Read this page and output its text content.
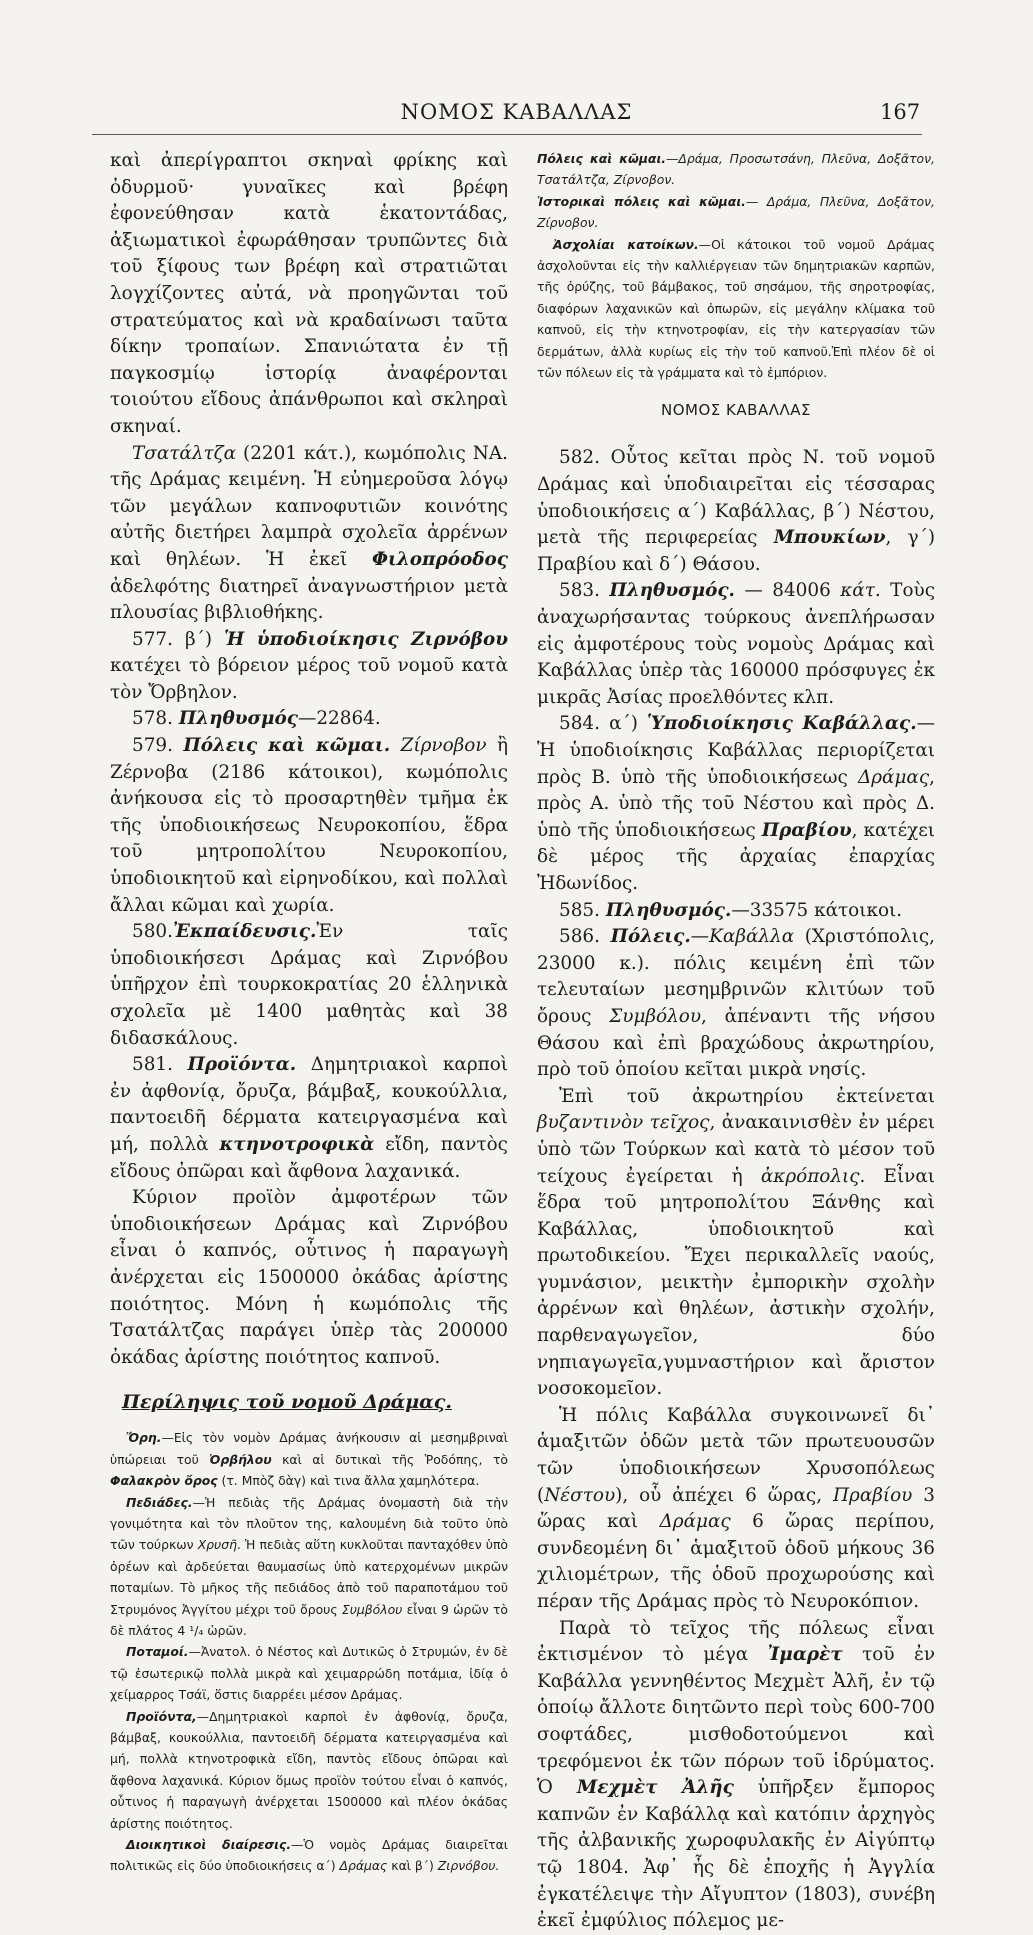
ΝΟΜΟΣ ΚΑΒΑΛΛΑΣ	167

καὶ ἀπερίγραπτοι σκηναὶ φρίκης καὶ ὀδυρμοῦ· γυναῖκες καὶ βρέφη ἐφονεύθησαν κατὰ ἑκατοντάδας, ἀξιωματικοὶ ἐφωράθησαν τρυπῶντες διὰ τοῦ ξίφους των βρέφη καὶ στρατιῶται λογχίζοντες αὐτά, νὰ προηγῶνται τοῦ στρατεύματος καὶ νὰ κραδαίνωσι ταῦτα δίκην τροπαίων. Σπανιώτατα ἐν τῇ παγκοσμίῳ ἱστορίᾳ ἀναφέρονται τοιούτου εἴδους ἀπάνθρωποι καὶ σκληραὶ σκηναί.

Τσατάλτζα (2201 κάτ.), κωμόπολις ΝΑ. τῆς Δράμας κειμένη. Ἡ εὐημεροῦσα λόγῳ τῶν μεγάλων καπνοφυτιῶν κοινότης αὐτῆς διετήρει λαμπρὰ σχολεῖα ἀρρένων καὶ θηλέων. Ἡ ἐκεῖ Φιλοπρόοδος ἀδελφότης διατηρεῖ ἀναγνωστήριον μετὰ πλουσίας βιβλιοθήκης.

577. β΄) Ἡ ὑποδιοίκησις Ζιρνόβου κατέχει τὸ βόρειον μέρος τοῦ νομοῦ κατὰ τὸν Ὄρβηλον.

578. Πληθυσμός—22864.

579. Πόλεις καὶ κῶμαι. Ζίρνοβον ἢ Ζέρνοβα (2186 κάτοικοι), κωμόπολις ἀνήκουσα εἰς τὸ προσαρτηθὲν τμῆμα ἐκ τῆς ὑποδιοικήσεως Νευροκοπίου, ἕδρα τοῦ μητροπολίτου Νευροκοπίου, ὑποδιοικητοῦ καὶ εἰρηνοδίκου, καὶ πολλαὶ ἄλλαι κῶμαι καὶ χωρία.

580.Ἐκπαίδευσις.Ἐν ταῖς ὑποδιοικήσεσι Δράμας καὶ Ζιρνόβου ὑπῆρχον ἐπὶ τουρκοκρατίας 20 ἑλληνικὰ σχολεῖα μὲ 1400 μαθητὰς καὶ 38 διδασκάλους.

581. Προϊόντα. Δημητριακοὶ καρποὶ ἐν ἀφθονίᾳ, ὄρυζα, βάμβαξ, κουκούλλια, παντοειδῆ δέρματα κατειργασμένα καὶ μή, πολλὰ κτηνοτροφικὰ εἴδη, παντὸς εἴδους ὀπῶραι καὶ ἄφθονα λαχανικά.

Κύριον προϊὸν ἀμφοτέρων τῶν ὑποδιοικήσεων Δράμας καὶ Ζιρνόβου εἶναι ὁ καπνός, οὗτινος ἡ παραγωγὴ ἀνέρχεται εἰς 1500000 ὀκάδας ἀρίστης ποιότητος. Μόνη ἡ κωμόπολις τῆς Τσατάλτζας παράγει ὑπὲρ τὰς 200000 ὀκάδας ἀρίστης ποιότητος καπνοῦ.

Περίληψις τοῦ νομοῦ Δράμας.

Ὄρη.—Εἰς τὸν νομὸν Δράμας ἀνήκουσιν αἱ μεσημβριναὶ ὑπώρειαι τοῦ Ὀρβήλου καὶ αἱ δυτικαὶ τῆς Ῥοδόπης, τὸ Φαλακρὸν ὄρος (τ. Μπὸζ δὰγ) καὶ τινα ἄλλα χαμηλότερα.

Πεδιάδες.—Ἡ πεδιὰς τῆς Δράμας ὀνομαστὴ διὰ τὴν γονιμότητα καὶ τὸν πλοῦτον της, καλουμένη διὰ τοῦτο ὑπὸ τῶν τούρκων Χρυσῆ. Ἡ πεδιὰς αὕτη κυκλοῦται πανταχόθεν ὑπὸ ὀρέων καὶ ἀρδεύεται θαυμασίως ὑπὸ κατερχομένων μικρῶν ποταμίων. Τὸ μῆκος τῆς πεδιάδος ἀπὸ τοῦ παραποτάμου τοῦ Στρυμόνος Ἀγγίτου μέχρι τοῦ ὄρους Συμβόλου εἶναι 9 ὡρῶν τὸ δὲ πλάτος 4 ¹/₄ ὡρῶν.

Ποταμοί.—Ἀνατολ. ὁ Νέστος καὶ Δυτικῶς ὁ Στρυμών, ἐν δὲ τῷ ἐσωτερικῷ πολλὰ μικρὰ καὶ χειμαρρώδη ποτάμια, ἰδίᾳ ὁ χείμαρρος Τσάϊ, ὅστις διαρρέει μέσον Δράμας.

Προϊόντα,—Δημητριακοὶ καρποὶ ἐν ἀφθονίᾳ, ὄρυζα, βάμβαξ, κουκούλλια, παντοειδῆ δέρματα κατειργασμένα καὶ μή, πολλὰ κτηνοτροφικὰ εἴδη, παντὸς εἴδους ὀπῶραι καὶ ἄφθονα λαχανικά. Κύριον ὅμως προϊὸν τούτου εἶναι ὁ καπνός, οὗτινος ἡ παραγωγὴ ἀνέρχεται 1500000 καὶ πλέον ὀκάδας ἀρίστης ποιότητος.

Διοικητικοὶ διαίρεσις.—Ὁ νομὸς Δράμας διαιρεῖται πολιτικῶς εἰς δύο ὑποδιοικήσεις α΄) Δράμας καὶ β΄) Ζιρνόβου.

Πόλεις καὶ κῶμαι.—Δράμα, Προσωτσάνη, Πλεῦνα, Δοξᾶτον, Τσατάλτζα, Ζίρνοβον.

Ἱστορικαὶ πόλεις καὶ κῶμαι.— Δράμα, Πλεῦνα, Δοξᾶτον, Ζίρνοβον.

Ἀσχολίαι κατοίκων.—Οἱ κάτοικοι τοῦ νομοῦ Δράμας ἀσχολοῦνται εἰς τὴν καλλιέργειαν τῶν δημητριακῶν καρπῶν, τῆς ὀρύζης, τοῦ βάμβακος, τοῦ σησάμου, τῆς σηροτροφίας, διαφόρων λαχανικῶν καὶ ὀπωρῶν, εἰς μεγάλην κλίμακα τοῦ καπνοῦ, εἰς τὴν κτηνοτροφίαν, εἰς τὴν κατεργασίαν τῶν δερμάτων, ἀλλὰ κυρίως εἰς τὴν τοῦ καπνοῦ.Ἐπὶ πλέον δὲ οἱ τῶν πόλεων εἰς τὰ γράμματα καὶ τὸ ἐμπόριον.

ΝΟΜΟΣ ΚΑΒΑΛΛΑΣ

582. Οὗτος κεῖται πρὸς Ν. τοῦ νομοῦ Δράμας καὶ ὑποδιαιρεῖται εἰς τέσσαρας ὑποδιοικήσεις α΄) Καβάλλας, β΄) Νέστου, μετὰ τῆς περιφερείας Μπουκίων, γ΄) Πραβίου καὶ δ΄) Θάσου.

583. Πληθυσμός. — 84006 κάτ. Τοὺς ἀναχωρήσαντας τούρκους ἀνεπλήρωσαν εἰς ἀμφοτέρους τοὺς νομοὺς Δράμας καὶ Καβάλλας ὑπὲρ τὰς 160000 πρόσφυγες ἐκ μικρᾶς Ἀσίας προελθόντες κλπ.

584. α΄) Ὑποδιοίκησις Καβάλλας.—Ἡ ὑποδιοίκησις Καβάλλας περιορίζεται πρὸς Β. ὑπὸ τῆς ὑποδιοικήσεως Δράμας, πρὸς Α. ὑπὸ τῆς τοῦ Νέστου καὶ πρὸς Δ. ὑπὸ τῆς ὑποδιοικήσεως Πραβίου, κατέχει δὲ μέρος τῆς ἀρχαίας ἐπαρχίας Ἠδωνίδος.

585. Πληθυσμός.—33575 κάτοικοι.

586. Πόλεις.—Καβάλλα (Χριστόπολις, 23000 κ.). πόλις κειμένη ἐπὶ τῶν τελευταίων μεσημβρινῶν κλιτύων τοῦ ὄρους Συμβόλου, ἀπέναντι τῆς νήσου Θάσου καὶ ἐπὶ βραχώδους ἀκρωτηρίου, πρὸ τοῦ ὁποίου κεῖται μικρὰ νησίς.

Ἐπὶ τοῦ ἀκρωτηρίου ἐκτείνεται βυζαντινὸν τεῖχος, ἀνακαινισθὲν ἐν μέρει ὑπὸ τῶν Τούρκων καὶ κατὰ τὸ μέσον τοῦ τείχους ἐγείρεται ἡ ἀκρόπολις. Εἶναι ἕδρα τοῦ μητροπολίτου Ξάνθης καὶ Καβάλλας, ὑποδιοικητοῦ καὶ πρωτοδικείου. Ἔχει περικαλλεῖς ναούς, γυμνάσιον, μεικτὴν ἐμπορικὴν σχολὴν ἀρρένων καὶ θηλέων, ἀστικὴν σχολήν, παρθεναγωγεῖον, δύο νηπιαγωγεῖα,γυμναστήριον καὶ ἄριστον νοσοκομεῖον.

Ἡ πόλις Καβάλλα συγκοινωνεῖ δι᾿ ἁμαξιτῶν ὁδῶν μετὰ τῶν πρωτευουσῶν τῶν ὑποδιοικήσεων Χρυσοπόλεως (Νέστου), οὗ ἀπέχει 6 ὥρας, Πραβίου 3 ὥρας καὶ Δράμας 6 ὥρας περίπου, συνδεομένη δι᾿ ἁμαξιτοῦ ὁδοῦ μήκους 36 χιλιομέτρων, τῆς ὁδοῦ προχωρούσης καὶ πέραν τῆς Δράμας πρὸς τὸ Νευροκόπιον.

Παρὰ τὸ τεῖχος τῆς πόλεως εἶναι ἐκτισμένον τὸ μέγα Ἰμαρὲτ τοῦ ἐν Καβάλλα γεννηθέντος Μεχμὲτ Ἀλῆ, ἐν τῷ ὁποίῳ ἄλλοτε διητῶντο περὶ τοὺς 600-700 σοφτάδες, μισθοδοτούμενοι καὶ τρεφόμενοι ἐκ τῶν πόρων τοῦ ἱδρύματος. Ὁ Μεχμὲτ Ἀλῆς ὑπῆρξεν ἔμπορος καπνῶν ἐν Καβάλλᾳ καὶ κατόπιν ἀρχηγὸς τῆς ἀλβανικῆς χωροφυλακῆς ἐν Αἰγύπτῳ τῷ 1804. Ἀφ᾿ ἧς δὲ ἐποχῆς ἡ Ἀγγλία ἐγκατέλειψε τὴν Αἴγυπτον (1803), συνέβη ἐκεῖ ἐμφύλιος πόλεμος με-
